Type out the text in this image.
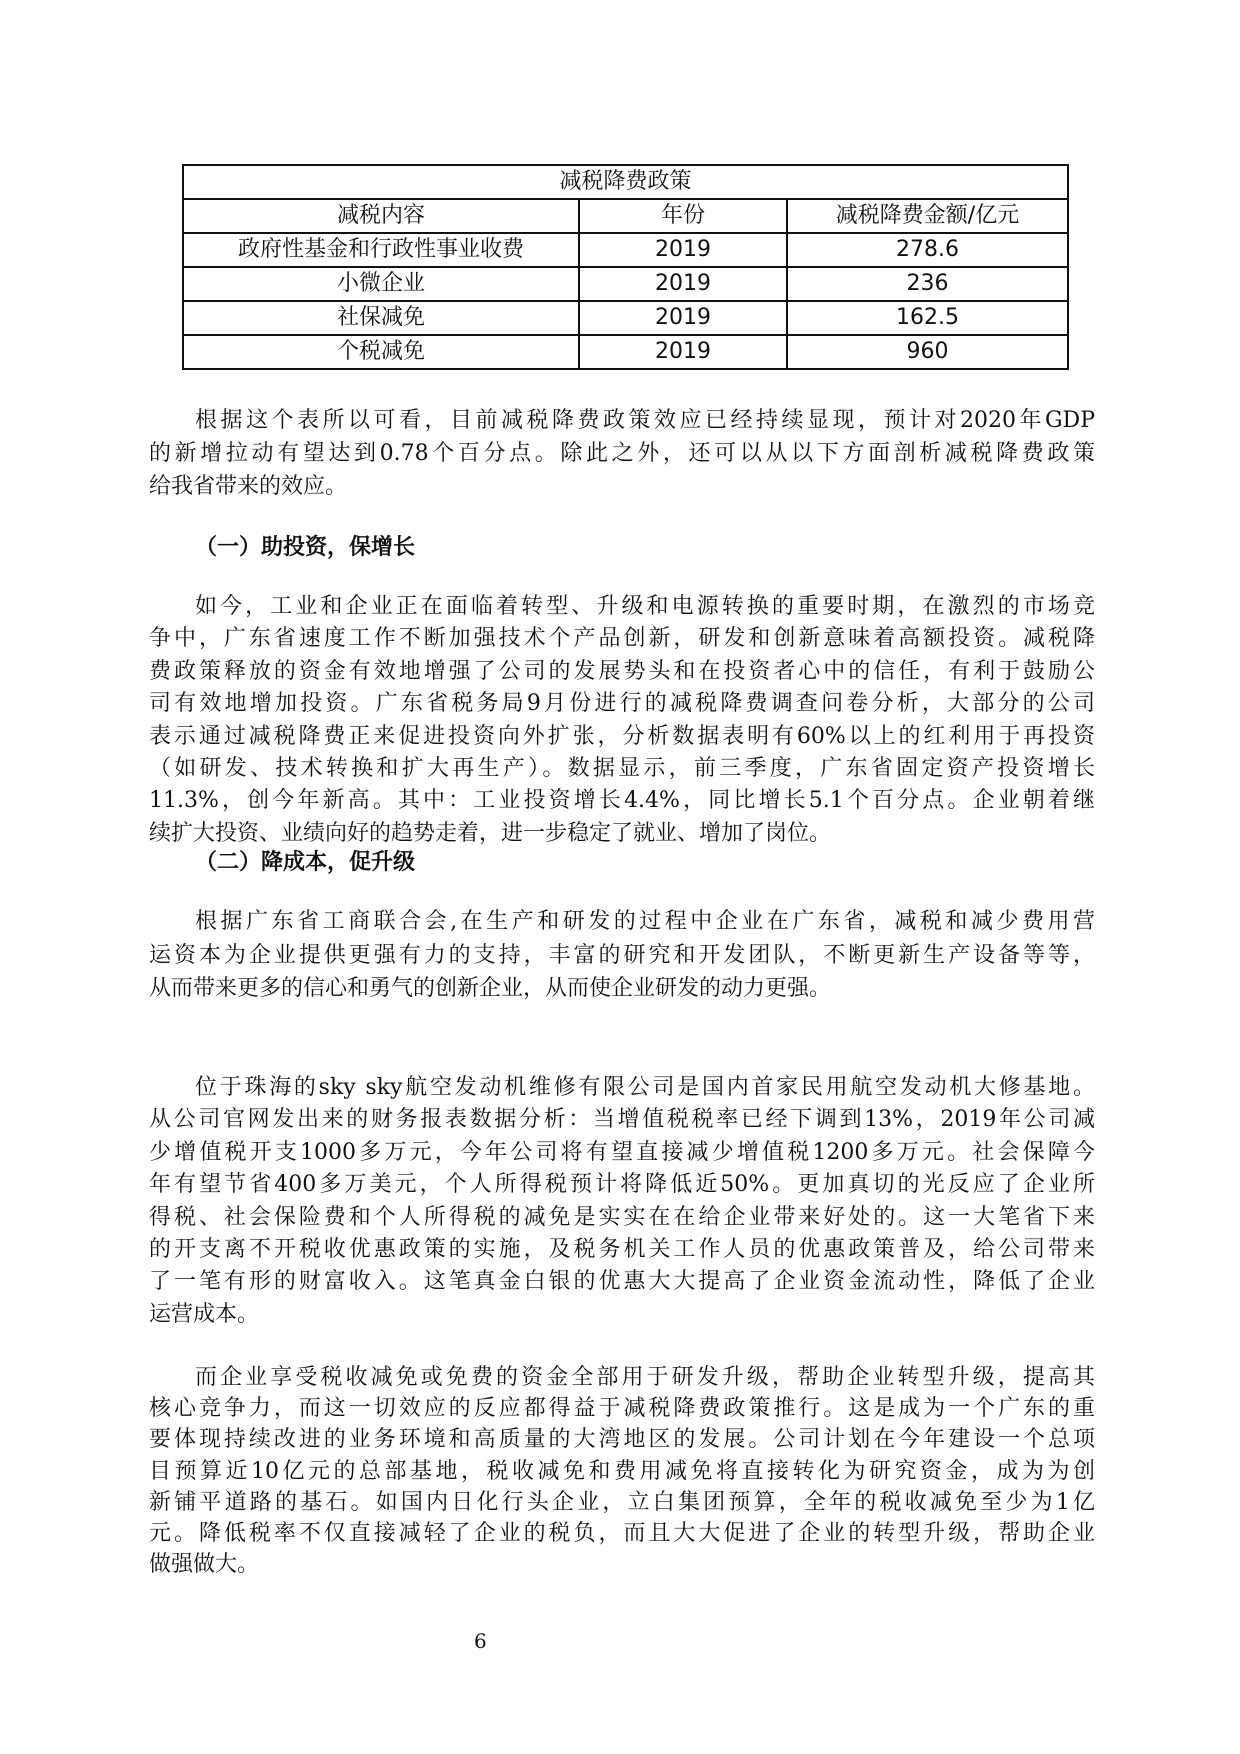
减税降费政策		
减税内容	年份	减税降费金额/亿元
政府性基金和行政性事业收费	2019	278.6
小微企业	2019	236
社保减免	2019	162.5
个税减免	2019	960
（一）助投资，保增长
（二）降成本，促升级
根据这个表所以可看，目前减税降费政策效应已经持续显现，预计对2020年GDP
的新增拉动有望达到0.78个百分点。除此之外，还可以从以下方面剖析减税降费政策
给我省带来的效应。
如今，工业和企业正在面临着转型、升级和电源转换的重要时期，在激烈的市场竞
争中，广东省速度工作不断加强技术个产品创新，研发和创新意味着高额投资。减税降
费政策释放的资金有效地增强了公司的发展势头和在投资者心中的信任，有利于鼓励公
司有效地增加投资。广东省税务局9月份进行的减税降费调查问卷分析，大部分的公司
表示通过减税降费正来促进投资向外扩张，分析数据表明有60%以上的红利用于再投资
（如研发、技术转换和扩大再生产）。数据显示，前三季度，广东省固定资产投资增长
11.3%，创今年新高。其中：工业投资增长4.4%，同比增长5.1个百分点。企业朝着继
续扩大投资、业绩向好的趋势走着，进一步稳定了就业、增加了岗位。
根据广东省工商联合会,在生产和研发的过程中企业在广东省，减税和减少费用营
运资本为企业提供更强有力的支持，丰富的研究和开发团队，不断更新生产设备等等，
从而带来更多的信心和勇气的创新企业，从而使企业研发的动力更强。
位于珠海的sky sky航空发动机维修有限公司是国内首家民用航空发动机大修基地。
从公司官网发出来的财务报表数据分析：当增值税税率已经下调到13%，2019年公司减
少增值税开支1000多万元，今年公司将有望直接减少增值税1200多万元。社会保障今
年有望节省400多万美元，个人所得税预计将降低近50%。更加真切的光反应了企业所
得税、社会保险费和个人所得税的减免是实实在在给企业带来好处的。这一大笔省下来
的开支离不开税收优惠政策的实施，及税务机关工作人员的优惠政策普及，给公司带来
了一笔有形的财富收入。这笔真金白银的优惠大大提高了企业资金流动性，降低了企业
运营成本。
而企业享受税收减免或免费的资金全部用于研发升级，帮助企业转型升级，提高其
核心竞争力，而这一切效应的反应都得益于减税降费政策推行。这是成为一个广东的重
要体现持续改进的业务环境和高质量的大湾地区的发展。公司计划在今年建设一个总项
目预算近10亿元的总部基地，税收减免和费用减免将直接转化为研究资金，成为为创
新铺平道路的基石。如国内日化行头企业，立白集团预算，全年的税收减免至少为1亿
元。降低税率不仅直接减轻了企业的税负，而且大大促进了企业的转型升级，帮助企业
做强做大。
6
